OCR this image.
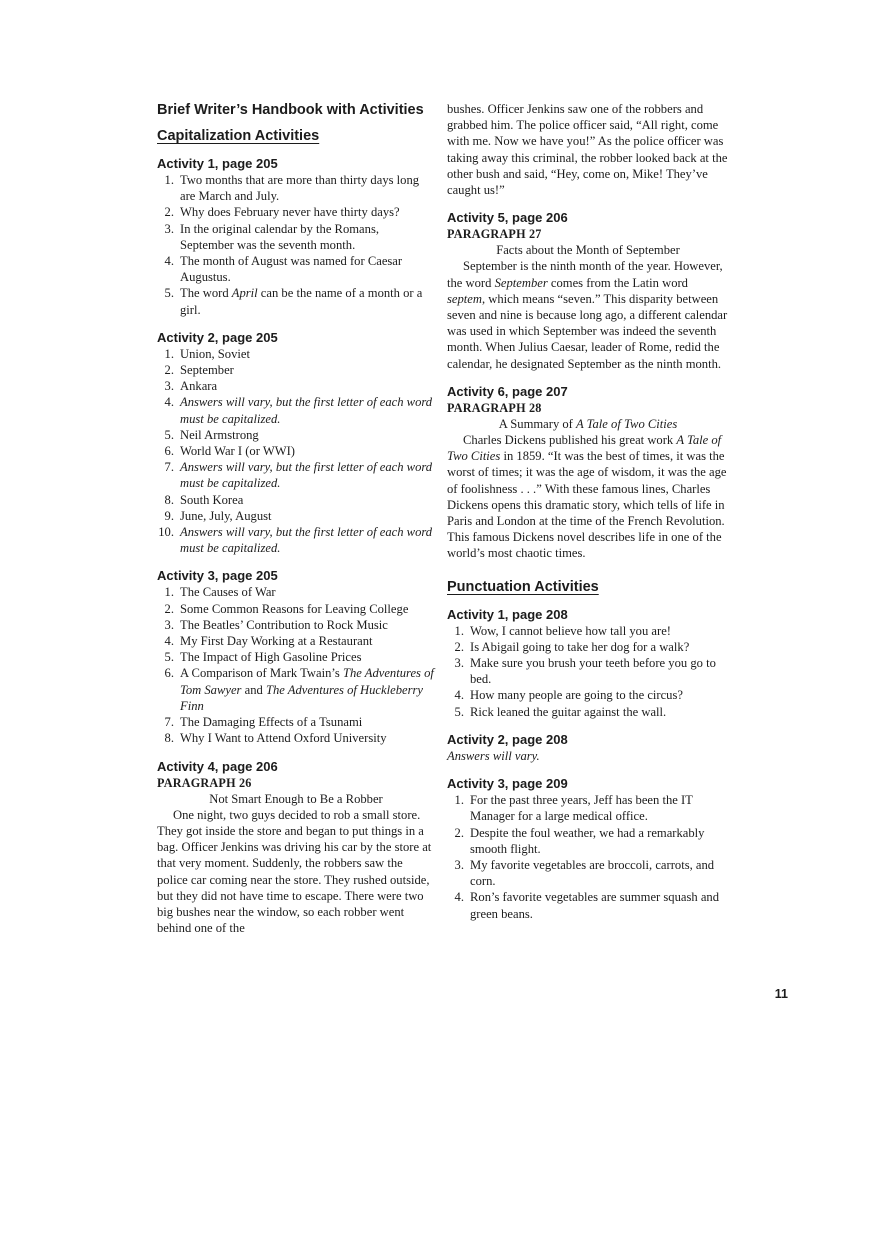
Brief Writer’s Handbook with Activities
Capitalization Activities
Activity 1, page 205
1. Two months that are more than thirty days long are March and July.
2. Why does February never have thirty days?
3. In the original calendar by the Romans, September was the seventh month.
4. The month of August was named for Caesar Augustus.
5. The word April can be the name of a month or a girl.
Activity 2, page 205
1. Union, Soviet
2. September
3. Ankara
4. Answers will vary, but the first letter of each word must be capitalized.
5. Neil Armstrong
6. World War I (or WWI)
7. Answers will vary, but the first letter of each word must be capitalized.
8. South Korea
9. June, July, August
10. Answers will vary, but the first letter of each word must be capitalized.
Activity 3, page 205
1. The Causes of War
2. Some Common Reasons for Leaving College
3. The Beatles’ Contribution to Rock Music
4. My First Day Working at a Restaurant
5. The Impact of High Gasoline Prices
6. A Comparison of Mark Twain’s The Adventures of Tom Sawyer and The Adventures of Huckleberry Finn
7. The Damaging Effects of a Tsunami
8. Why I Want to Attend Oxford University
Activity 4, page 206
PARAGRAPH 26

Not Smart Enough to Be a Robber

One night, two guys decided to rob a small store. They got inside the store and began to put things in a bag. Officer Jenkins was driving his car by the store at that very moment. Suddenly, the robbers saw the police car coming near the store. They rushed outside, but they did not have time to escape. There were two big bushes near the window, so each robber went behind one of the

bushes. Officer Jenkins saw one of the robbers and grabbed him. The police officer said, “All right, come with me. Now we have you!” As the police officer was taking away this criminal, the robber looked back at the other bush and said, “Hey, come on, Mike! They’ve caught us!”

Activity 5, page 206
PARAGRAPH 27

Facts about the Month of September

September is the ninth month of the year. However, the word September comes from the Latin word septem, which means “seven.” This disparity between seven and nine is because long ago, a different calendar was used in which September was indeed the seventh month. When Julius Caesar, leader of Rome, redid the calendar, he designated September as the ninth month.

Activity 6, page 207
PARAGRAPH 28

A Summary of A Tale of Two Cities

Charles Dickens published his great work A Tale of Two Cities in 1859. “It was the best of times, it was the worst of times; it was the age of wisdom, it was the age of foolishness . . .” With these famous lines, Charles Dickens opens this dramatic story, which tells of life in Paris and London at the time of the French Revolution. This famous Dickens novel describes life in one of the world’s most chaotic times.

Punctuation Activities
Activity 1, page 208
1. Wow, I cannot believe how tall you are!
2. Is Abigail going to take her dog for a walk?
3. Make sure you brush your teeth before you go to bed.
4. How many people are going to the circus?
5. Rick leaned the guitar against the wall.
Activity 2, page 208

Answers will vary.

Activity 3, page 209
1. For the past three years, Jeff has been the IT Manager for a large medical office.
2. Despite the foul weather, we had a remarkably smooth flight.
3. My favorite vegetables are broccoli, carrots, and corn.
4. Ron’s favorite vegetables are summer squash and green beans.
11
